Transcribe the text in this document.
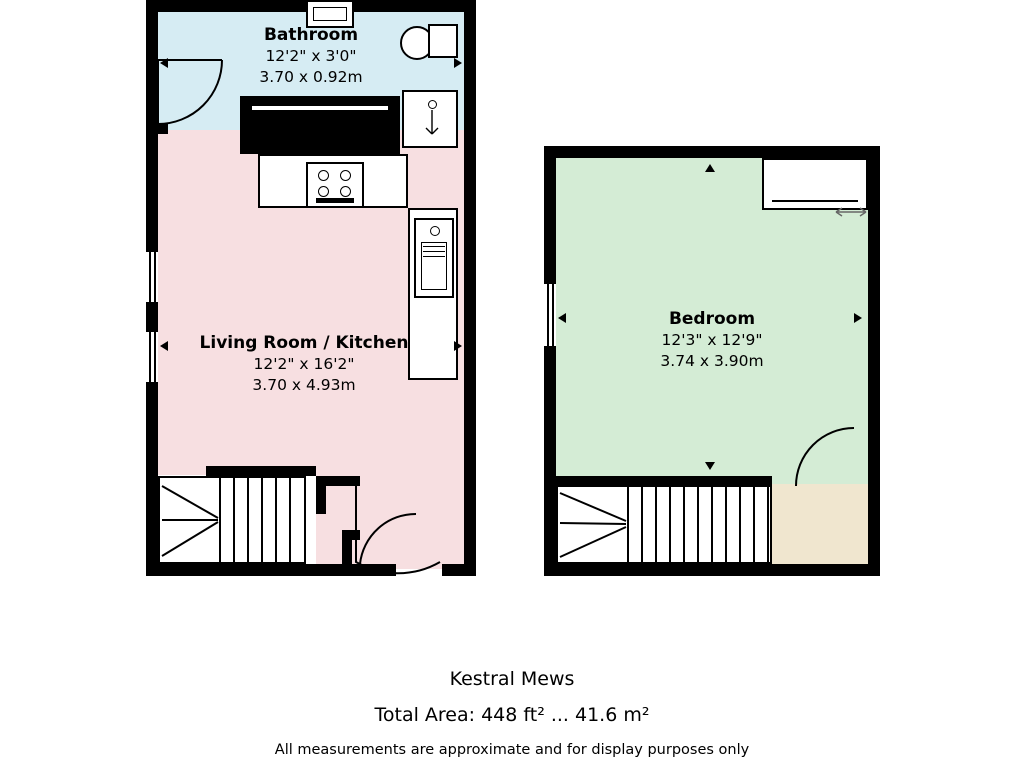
Bathroom
12'2" x 3'0"
3.70 x 0.92m
Living Room / Kitchen
12'2" x 16'2"
3.70 x 4.93m
Bedroom
12'3" x 12'9"
3.74 x 3.90m
Kestral Mews
Total Area: 448 ft² ... 41.6 m²
All measurements are approximate and for display purposes only
